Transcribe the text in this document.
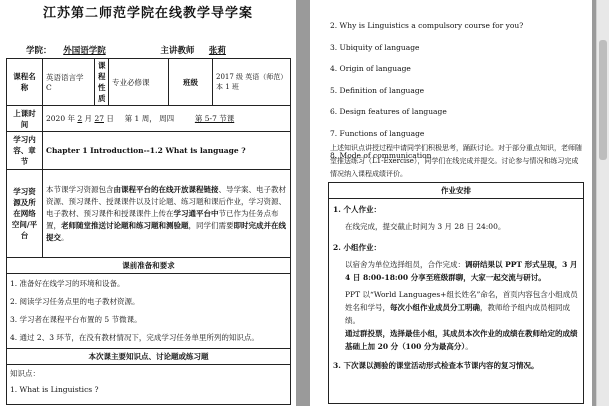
江苏第二师范学院在线教学导学案
学院： 外国语学院	主讲教师 张莉
课程名称	英语语言学 C	课程性质	专业必修课	班级	2017 级 英语（师范）本 1 班
上课时间	2020 年 2 月 27 日  第 1 周， 周四 第 5-7 节课				
学习内容、章节	Chapter 1 Introduction--1.2 What is language ?				
学习资源及所在网络空间/平台	本节课学习资源包含由课程平台的在线开放课程链接、导学案、电子教材资源、预习课件、授课课件以及讨论题、练习题和课后作业，学习资源、电子教材、预习课件和授课课件上传在学习通平台中节已作为任务点布置，老师随堂推送讨论题和练习题和测验题，同学们需要即时完成并在线提交。				
课前准备和要求					

1. 准备好在线学习的环境和设备。
2. 阅读学习任务点里的电子教材资源。
3. 学习者在课程平台布置的 5 节微课。
4. 通过 2、3 环节，在没有教材情况下，完成学习任务单里所列的知识点。					

本次课主要知识点、讨论题或练习题					

知识点：
1. What is Linguistics ?					
2. Why is Linguistics a compulsory course for you?
3. Ubiquity of language
4. Origin of language
5. Definition of language
6. Design features of language
7. Functions of language
8. Mode of communication
上述知识点讲授过程中请同学们积极思考，踊跃讨论。对于部分重点知识，老师随堂推送练习（L1-Exercise），同学们在线完成并提交。讨论参与情况和练习完成情况纳入课程成绩评价。
作业安排

1. 个人作业：
在线完成，提交截止时间为 3 月 28 日 24:00。
2. 小组作业：
以宿舍为单位选择组员，合作完成：调研结果以 PPT 形式呈现，3 月 4 日 8:00-18:00 分享至班级群聊，大家一起交流与研讨。
PPT 以“World Languages+组长姓名”命名，首页内容包含小组成员姓名和学号，每次小组作业成员分工明确，教师给予组内成员相同成绩。
通过群投票，选择最佳小组，其成员本次作业的成绩在教师给定的成绩基础上加 20 分（100 分为最高分）。
3. 下次课以测验的课堂活动形式检查本节课内容的复习情况。
